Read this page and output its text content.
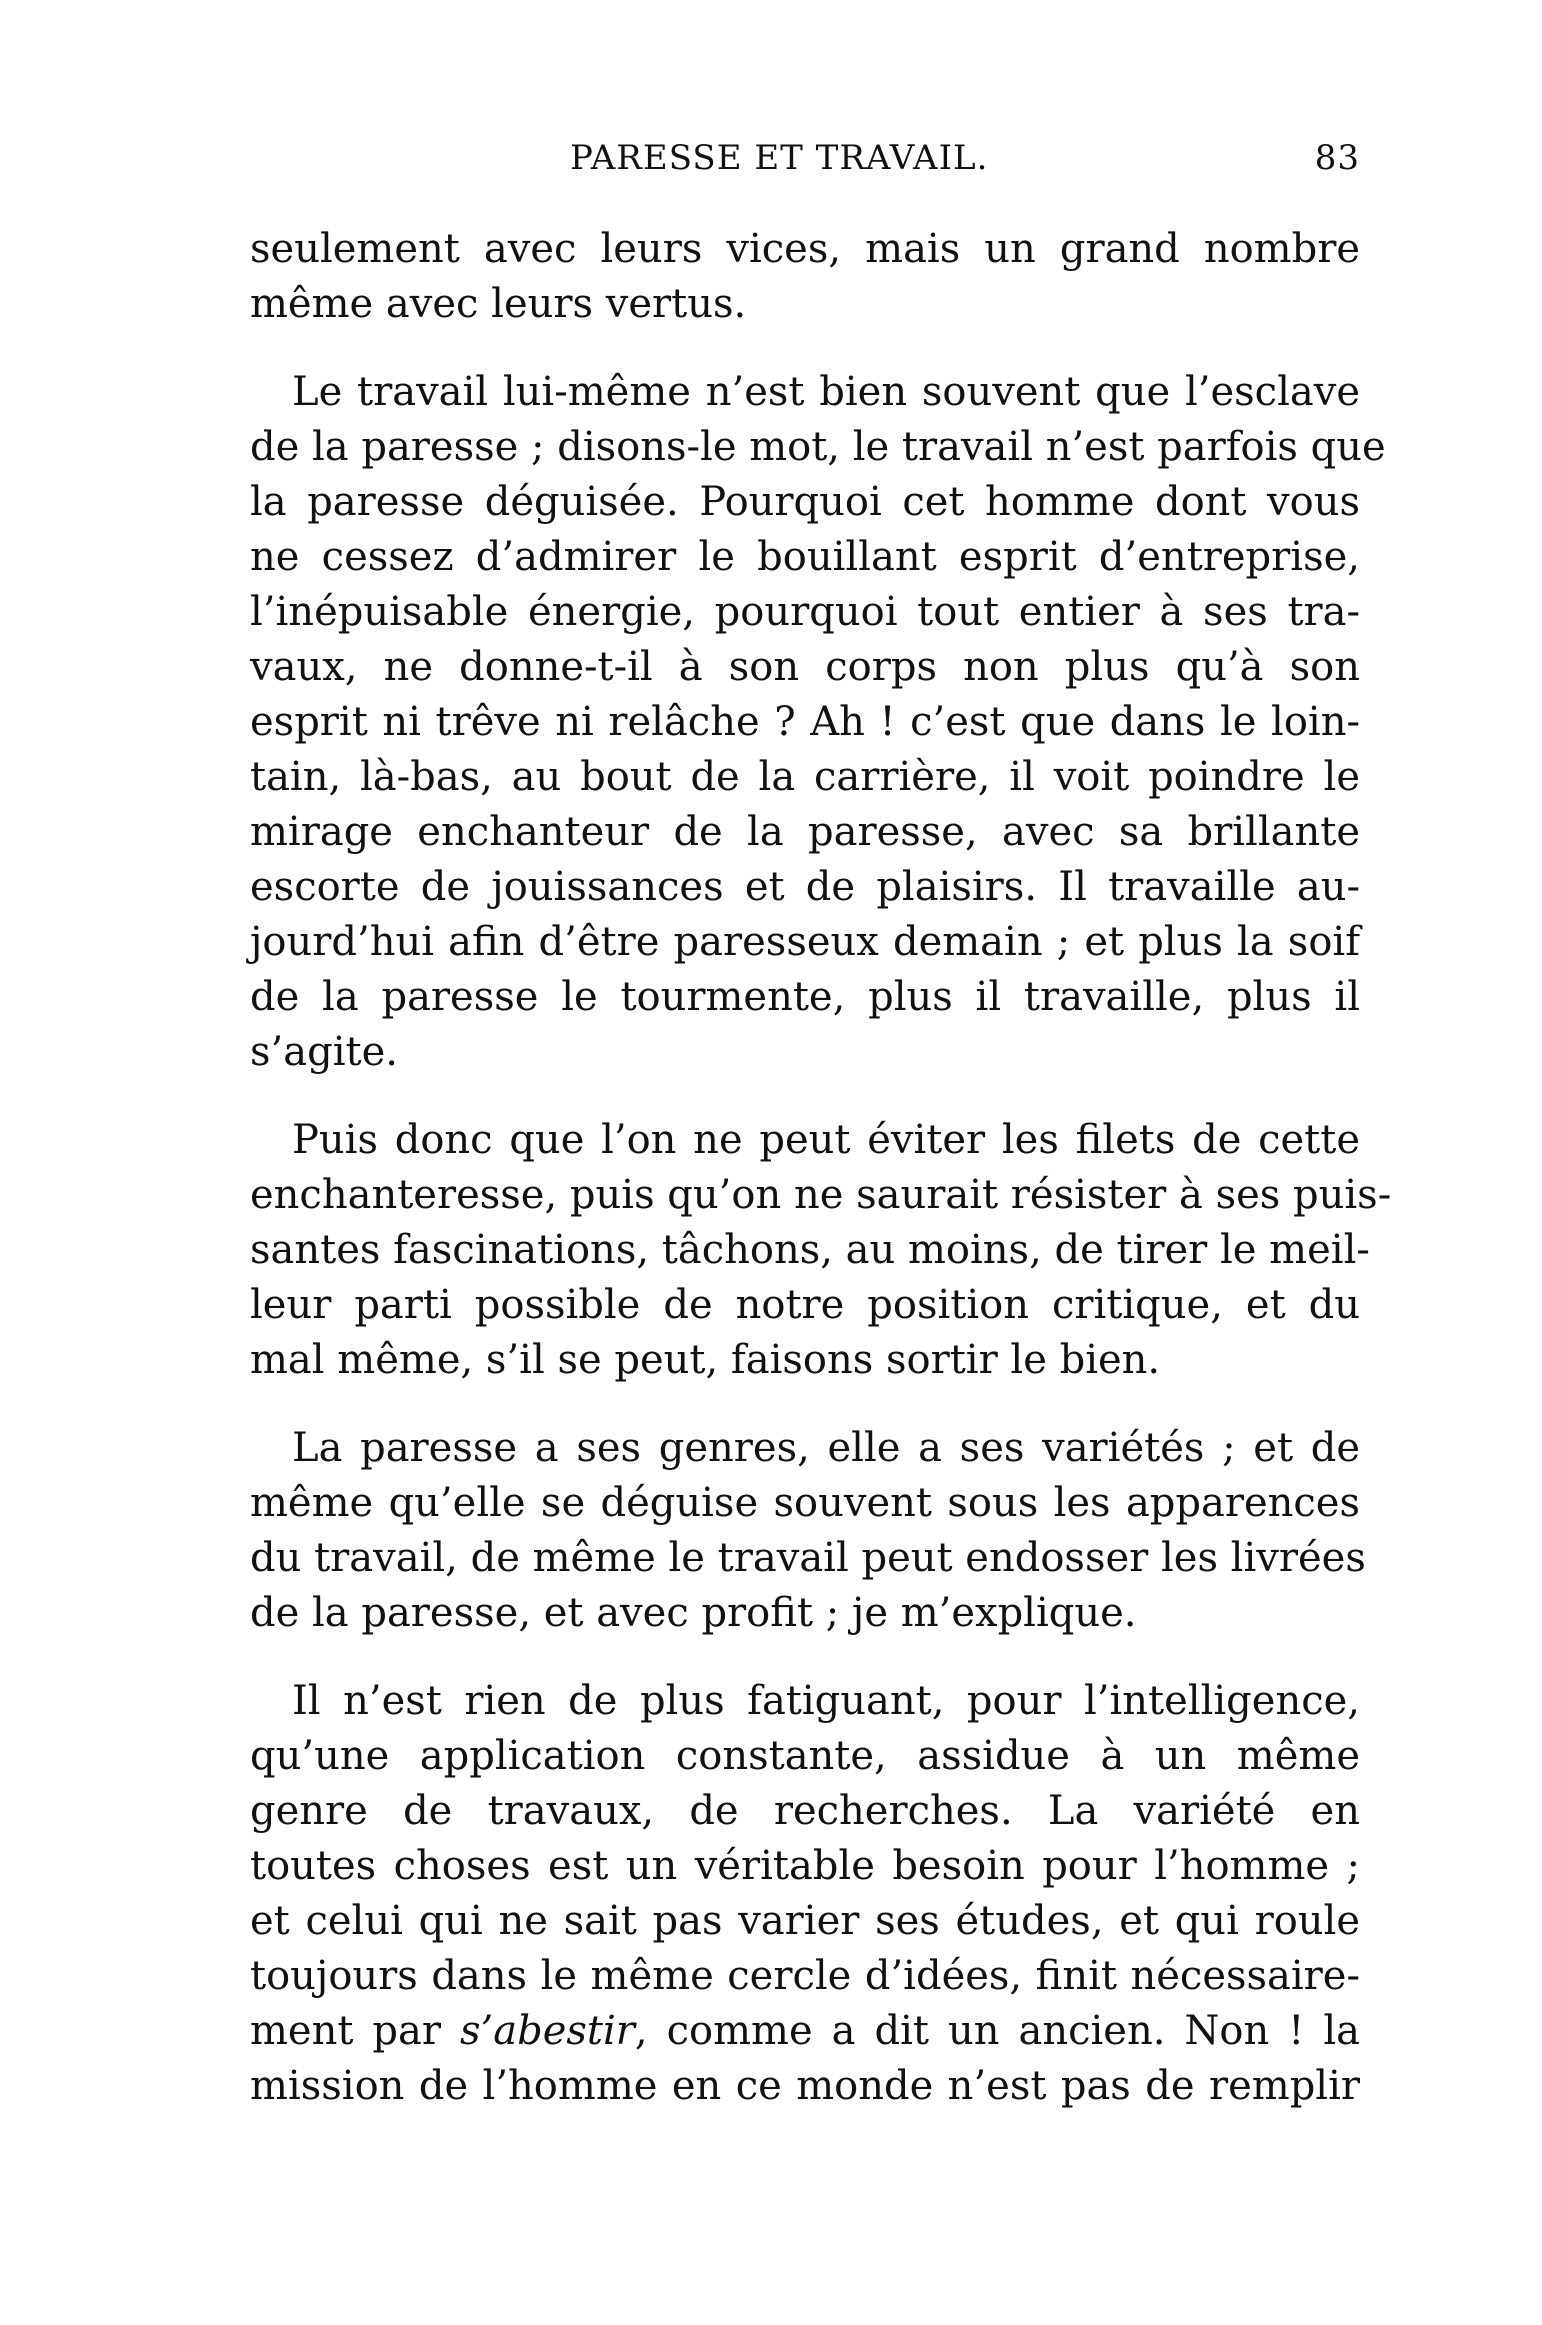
PARESSE ET TRAVAIL.	83
seulement avec leurs vices, mais un grand nombre
même avec leurs vertus.
Le travail lui-même n’est bien souvent que l’esclave
de la paresse ; disons-le mot, le travail n’est parfois que
la paresse déguisée. Pourquoi cet homme dont vous
ne cessez d’admirer le bouillant esprit d’entreprise,
l’inépuisable énergie, pourquoi tout entier à ses tra-
vaux, ne donne-t-il à son corps non plus qu’à son
esprit ni trêve ni relâche ? Ah ! c’est que dans le loin-
tain, là-bas, au bout de la carrière, il voit poindre le
mirage enchanteur de la paresse, avec sa brillante
escorte de jouissances et de plaisirs. Il travaille au-
jourd’hui afin d’être paresseux demain ; et plus la soif
de la paresse le tourmente, plus il travaille, plus il
s’agite.
Puis donc que l’on ne peut éviter les filets de cette
enchanteresse, puis qu’on ne saurait résister à ses puis-
santes fascinations, tâchons, au moins, de tirer le meil-
leur parti possible de notre position critique, et du
mal même, s’il se peut, faisons sortir le bien.
La paresse a ses genres, elle a ses variétés ; et de
même qu’elle se déguise souvent sous les apparences
du travail, de même le travail peut endosser les livrées
de la paresse, et avec profit ; je m’explique.
Il n’est rien de plus fatiguant, pour l’intelligence,
qu’une application constante, assidue à un même
genre de travaux, de recherches. La variété en
toutes choses est un véritable besoin pour l’homme ;
et celui qui ne sait pas varier ses études, et qui roule
toujours dans le même cercle d’idées, finit nécessaire-
ment par s’abestir, comme a dit un ancien. Non ! la
mission de l’homme en ce monde n’est pas de remplir
